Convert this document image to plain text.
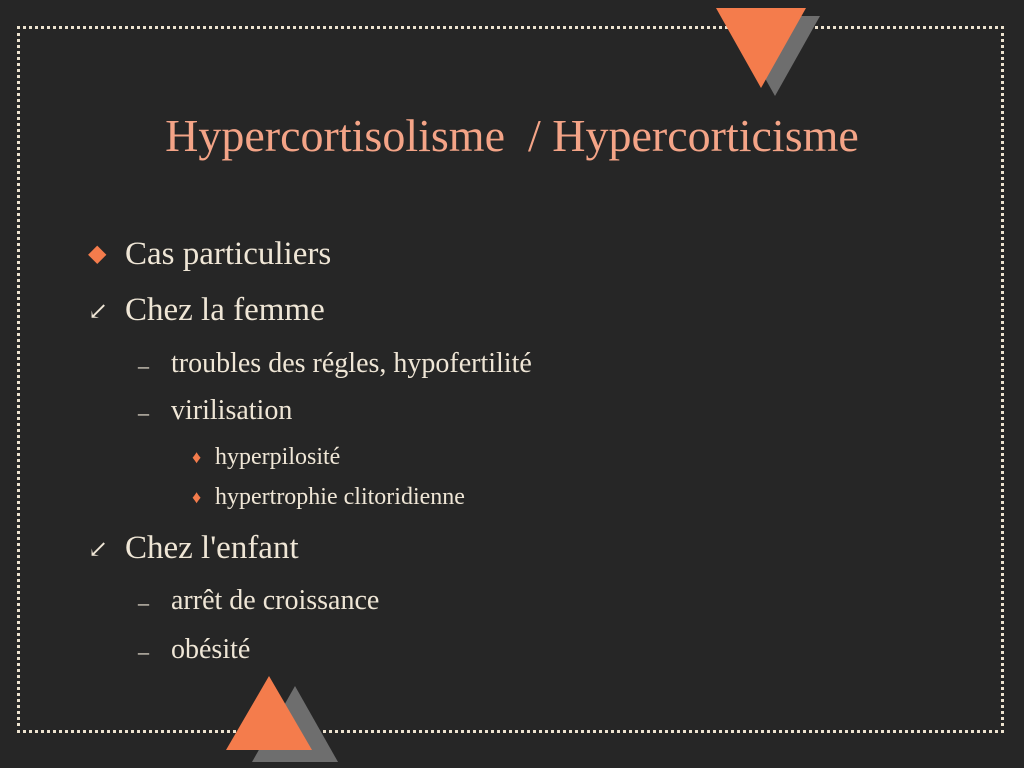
Hypercortisolisme  / Hypercorticisme
◆ Cas particuliers
↙ Chez la femme
– troubles des régles, hypofertilité
– virilisation
♦ hyperpilosité
♦ hypertrophie clitoridienne
↙ Chez l'enfant
– arrêt de croissance
– obésité
